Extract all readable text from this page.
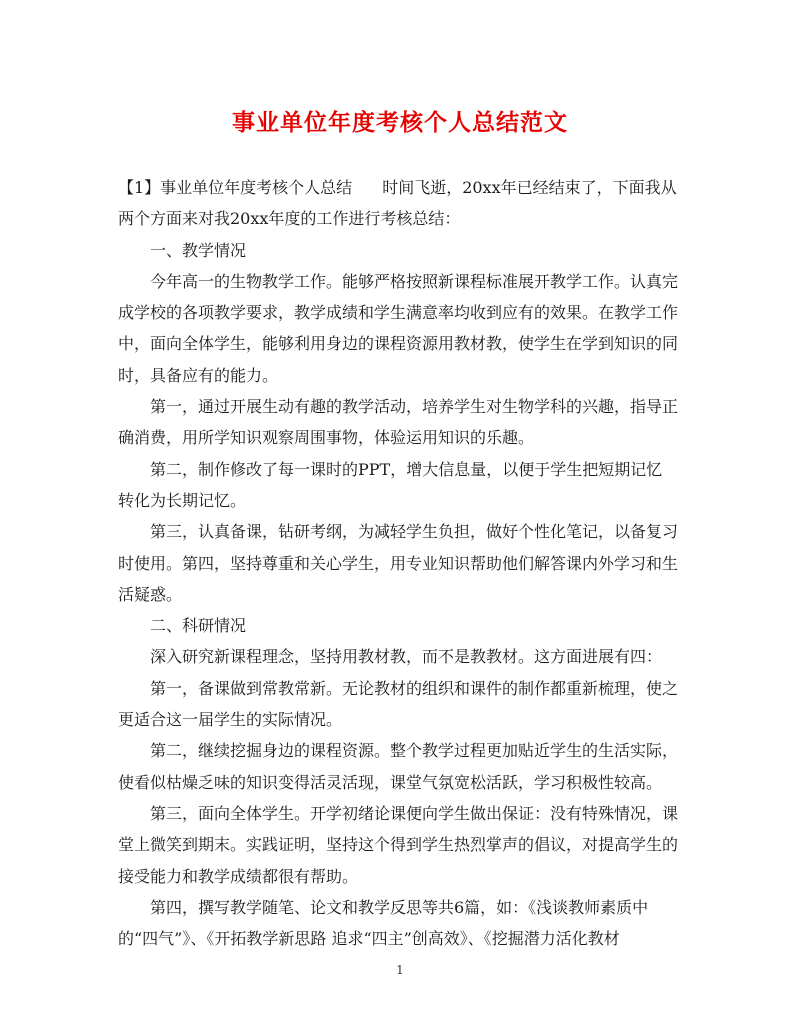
事业单位年度考核个人总结范文

【1】事业单位年度考核个人总结 时间飞逝，20xx年已经结束了，下面我从两个方面来对我20xx年度的工作进行考核总结：

一、教学情况

今年高一的生物教学工作。能够严格按照新课程标准展开教学工作。认真完成学校的各项教学要求，教学成绩和学生满意率均收到应有的效果。在教学工作中，面向全体学生，能够利用身边的课程资源用教材教，使学生在学到知识的同时，具备应有的能力。

第一，通过开展生动有趣的教学活动，培养学生对生物学科的兴趣，指导正确消费，用所学知识观察周围事物，体验运用知识的乐趣。

第二，制作修改了每一课时的PPT，增大信息量，以便于学生把短期记忆转化为长期记忆。

第三，认真备课，钻研考纲，为减轻学生负担，做好个性化笔记，以备复习时使用。第四，坚持尊重和关心学生，用专业知识帮助他们解答课内外学习和生活疑惑。

二、科研情况

深入研究新课程理念，坚持用教材教，而不是教教材。这方面进展有四：

第一，备课做到常教常新。无论教材的组织和课件的制作都重新梳理，使之更适合这一届学生的实际情况。

第二，继续挖掘身边的课程资源。整个教学过程更加贴近学生的生活实际，使看似枯燥乏味的知识变得活灵活现，课堂气氛宽松活跃，学习积极性较高。

第三，面向全体学生。开学初绪论课便向学生做出保证：没有特殊情况，课堂上微笑到期末。实践证明，坚持这个得到学生热烈掌声的倡议，对提高学生的接受能力和教学成绩都很有帮助。

第四，撰写教学随笔、论文和教学反思等共6篇，如：《浅谈教师素质中的“四气”》、《开拓教学新思路 追求“四主”创高效》、《挖掘潜力活化教材

1
